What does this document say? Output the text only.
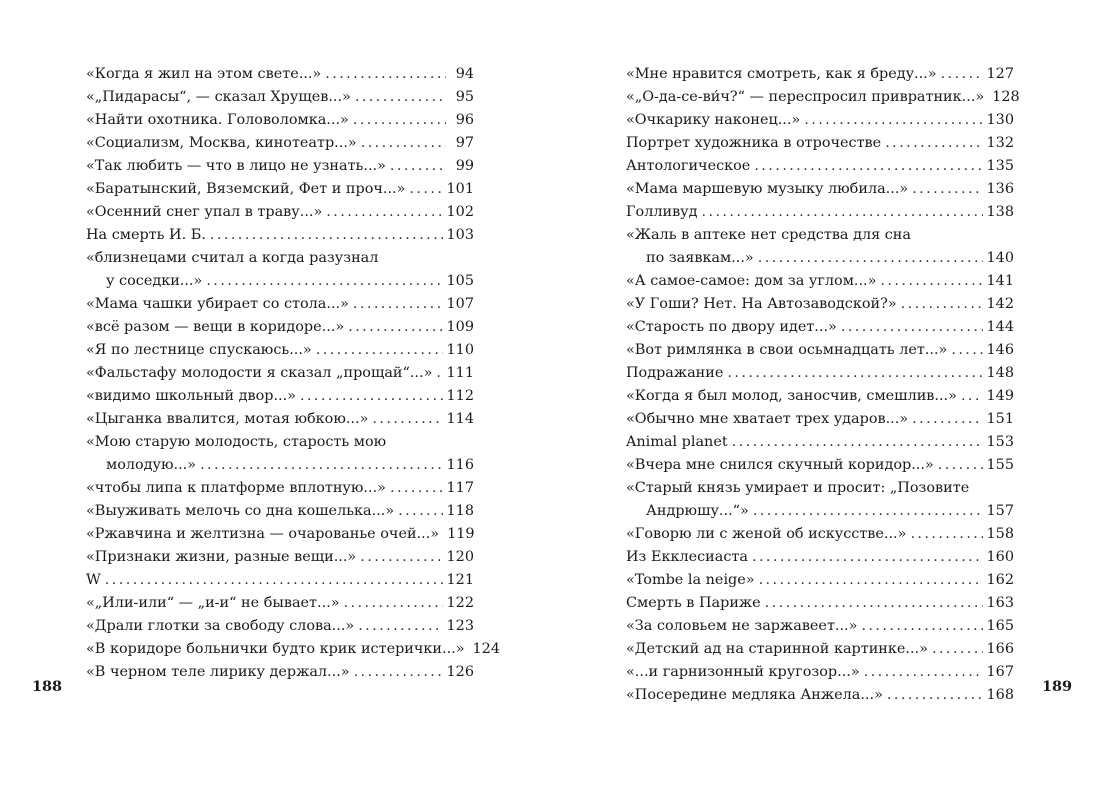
«Когда я жил на этом свете...» .....	94
«„Пидарасы“, — сказал Хрущев...» .....	95
«Найти охотника. Головоломка...» .....	96
«Социализм, Москва, кинотеатр...» .....	97
«Так любить — что в лицо не узнать...» .....	99
«Баратынский, Вяземский, Фет и проч...» .....	101
«Осенний снег упал в траву...» .....	102
На смерть И. Б. .....	103
«близнецами считал а когда разузнал
у соседки...» .....	105
«Мама чашки убирает со стола...» .....	107
«всё разом — вещи в коридоре...» .....	109
«Я по лестнице спускаюсь...» .....	110
«Фальстафу молодости я сказал „прощай“...» ..... 111
«видимо школьный двор...» .....	112
«Цыганка ввалится, мотая юбкою...» .....	114
«Мою старую молодость, старость мою
молодую...» .....	116
«чтобы липа к платформе вплотную...» .....	117
«Выуживать мелочь со дна кошелька...» .....	118
«Ржавчина и желтизна — очарованье очей...» 119
«Признаки жизни, разные вещи...» .....	120
W .....	121
«„Или-или“ — „и-и“ не бывает...» .....	122
«Драли глотки за свободу слова...» .....	123
«В коридоре больнички будто крик истерички...» 124
«В черном теле лирику держал...» .....	126
«Мне нравится смотреть, как я бреду...» .....	127
«„О-да-се-ви́ч?“ — переспросил привратник...» 128
«Очкарику наконец...» .....	130
Портрет художника в отрочестве .....	132
Антологическое .....	135
«Мама маршевую музыку любила...» .....	136
Голливуд .....	138
«Жаль в аптеке нет средства для сна
по заявкам...» .....	140
«А самое-самое: дом за углом...» .....	141
«У Гоши? Нет. На Автозаводской?» .....	142
«Старость по двору идет...» .....	144
«Вот римлянка в свои осьмнадцать лет...» .....	146
Подражание .....	148
«Когда я был молод, заносчив, смешлив...» ..... 149
«Обычно мне хватает трех ударов...» .....	151
Animal planet .....	153
«Вчера мне снился скучный коридор...» .....	155
«Старый князь умирает и просит: „Позовите
Андрюшу...“» .....	157
«Говорю ли с женой об искусстве...» .....	158
Из Екклесиаста .....	160
«Tombe la neige» .....	162
Смерть в Париже .....	163
«За соловьем не заржавеет...» .....	165
«Детский ад на старинной картинке...» .....	166
«...и гарнизонный кругозор...» .....	167
«Посередине медляка Анжела...» .....	168
188	189
